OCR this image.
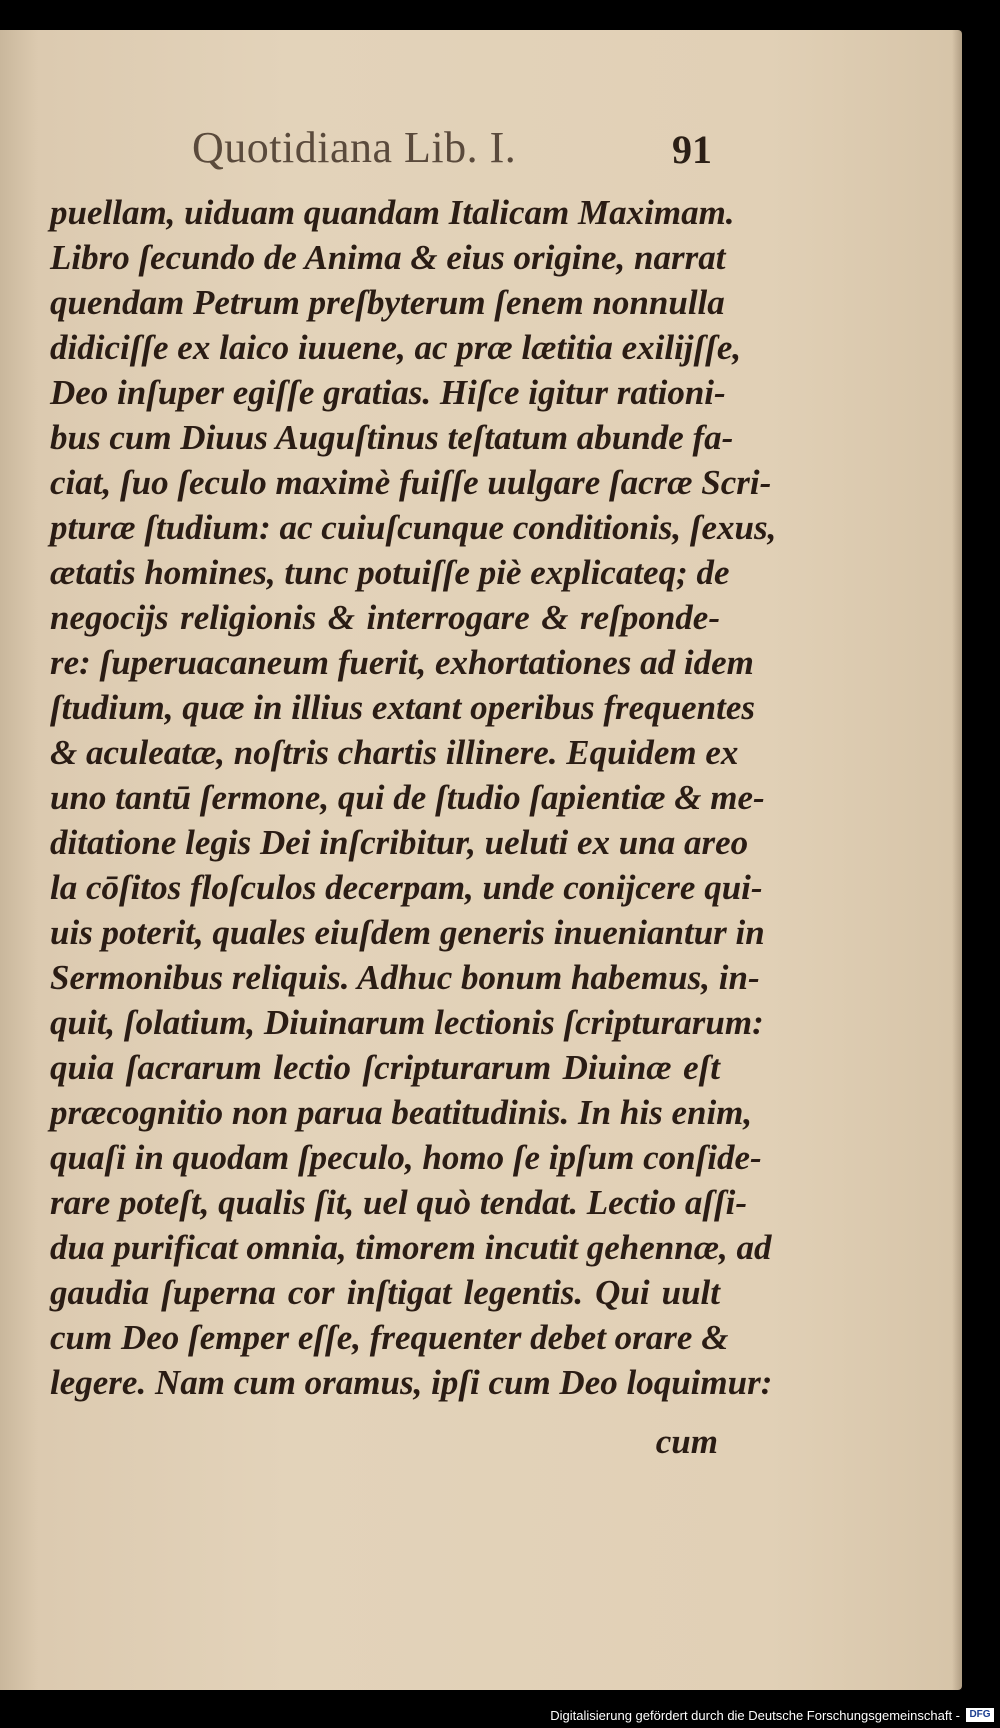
Quotidiana Lib. I.	91
puellam, uiduam quandam Italicam Maximam.
Libro ſecundo de Anima & eius origine, narrat
quendam Petrum preſbyterum ſenem nonnulla
didiciſſe ex laico iuuene, ac præ lætitia exilijſſe,
Deo inſuper egiſſe gratias. Hiſce igitur rationi-
bus cum Diuus Auguſtinus teſtatum abunde fa-
ciat, ſuo ſeculo maximè fuiſſe uulgare ſacræ Scri-
pturæ ſtudium: ac cuiuſcunque conditionis, ſexus,
ætatis homines, tunc potuiſſe piè explicateq; de
negocijs religionis & interrogare & reſponde-
re: ſuperuacaneum fuerit, exhortationes ad idem
ſtudium, quæ in illius extant operibus frequentes
& aculeatæ, noſtris chartis illinere. Equidem ex
uno tantū ſermone, qui de ſtudio ſapientiæ & me-
ditatione legis Dei inſcribitur, ueluti ex una areo
la cōſitos floſculos decerpam, unde conijcere qui-
uis poterit, quales eiuſdem generis inueniantur in
Sermonibus reliquis. Adhuc bonum habemus, in-
quit, ſolatium, Diuinarum lectionis ſcripturarum:
quia ſacrarum lectio ſcripturarum Diuinæ eſt
præcognitio non parua beatitudinis. In his enim,
quaſi in quodam ſpeculo, homo ſe ipſum conſide-
rare poteſt, qualis ſit, uel quò tendat. Lectio aſſi-
dua purificat omnia, timorem incutit gehennæ, ad
gaudia ſuperna cor inſtigat legentis. Qui uult
cum Deo ſemper eſſe, frequenter debet orare &
legere. Nam cum oramus, ipſi cum Deo loquimur:
cum
Digitalisierung gefördert durch die Deutsche Forschungsgemeinschaft - DFG
